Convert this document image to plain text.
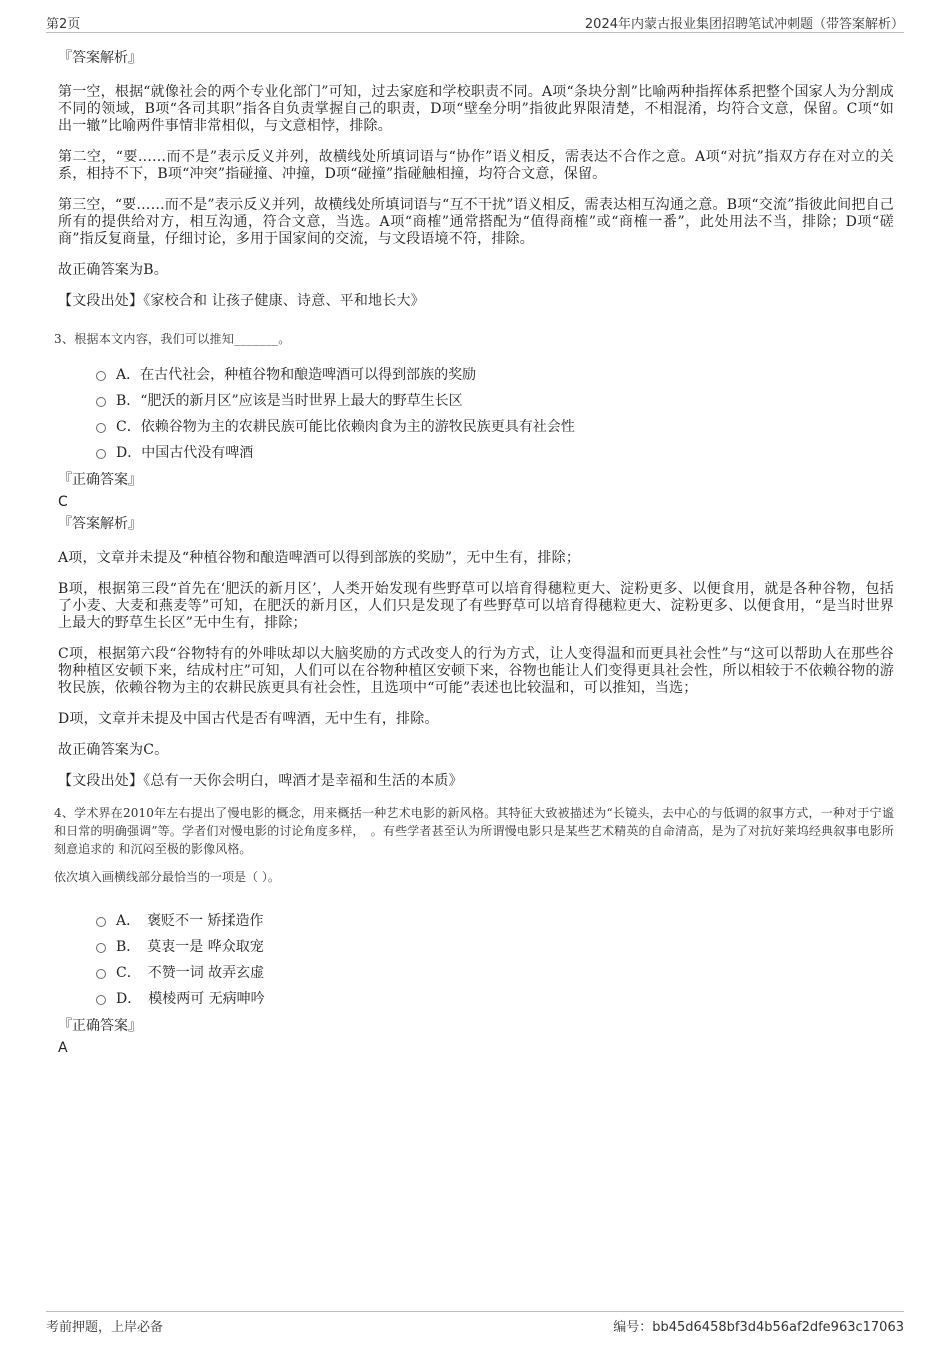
第2页	2024年内蒙古报业集团招聘笔试冲刺题（带答案解析）
『答案解析』

第一空，根据“就像社会的两个专业化部门”可知，过去家庭和学校职责不同。A项“条块分割”比喻两种指挥体系把整个国家人为分割成不同的领域，B项“各司其职”指各自负责掌握自己的职责，D项“壁垒分明”指彼此界限清楚，不相混淆，均符合文意，保留。C项“如出一辙”比喻两件事情非常相似，与文意相悖，排除。

第二空，“要……而不是”表示反义并列，故横线处所填词语与“协作”语义相反，需表达不合作之意。A项“对抗”指双方存在对立的关系，相持不下，B项“冲突”指碰撞、冲撞，D项“碰撞”指碰触相撞，均符合文意，保留。

第三空，“要……而不是”表示反义并列，故横线处所填词语与“互不干扰”语义相反，需表达相互沟通之意。B项“交流”指彼此间把自己所有的提供给对方，相互沟通，符合文意，当选。A项“商榷”通常搭配为“值得商榷”或“商榷一番”，此处用法不当，排除；D项“磋商”指反复商量，仔细讨论，多用于国家间的交流，与文段语境不符，排除。

故正确答案为B。

【文段出处】《家校合和 让孩子健康、诗意、平和地长大》

3、根据本文内容，我们可以推知_______。
A．在古代社会，种植谷物和酿造啤酒可以得到部族的奖励
B．“肥沃的新月区”应该是当时世界上最大的野草生长区
C．依赖谷物为主的农耕民族可能比依赖肉食为主的游牧民族更具有社会性
D．中国古代没有啤酒
『正确答案』
C
『答案解析』

A项，文章并未提及“种植谷物和酿造啤酒可以得到部族的奖励”，无中生有，排除；

B项，根据第三段“首先在‘肥沃的新月区’，人类开始发现有些野草可以培育得穗粒更大、淀粉更多、以便食用，就是各种谷物，包括了小麦、大麦和燕麦等”可知，在肥沃的新月区，人们只是发现了有些野草可以培育得穗粒更大、淀粉更多、以便食用，“是当时世界上最大的野草生长区”无中生有，排除；

C项，根据第六段“谷物特有的外啡呔却以大脑奖励的方式改变人的行为方式，让人变得温和而更具社会性”与“这可以帮助人在那些谷物种植区安顿下来，结成村庄”可知，人们可以在谷物种植区安顿下来，谷物也能让人们变得更具社会性，所以相较于不依赖谷物的游牧民族，依赖谷物为主的农耕民族更具有社会性，且选项中“可能”表述也比较温和，可以推知，当选；

D项，文章并未提及中国古代是否有啤酒，无中生有，排除。

故正确答案为C。

【文段出处】《总有一天你会明白，啤酒才是幸福和生活的本质》

4、学术界在2010年左右提出了慢电影的概念，用来概括一种艺术电影的新风格。其特征大致被描述为“长镜头，去中心的与低调的叙事方式，一种对于宁谧和日常的明确强调”等。学者们对慢电影的讨论角度多样，　。有些学者甚至认为所谓慢电影只是某些艺术精英的自命清高，是为了对抗好莱坞经典叙事电影所刻意追求的 和沉闷至极的影像风格。
依次填入画横线部分最恰当的一项是（ ）。
A．　褒贬不一 矫揉造作
B．　莫衷一是 哗众取宠
C．　不赞一词 故弄玄虚
D．　模棱两可 无病呻吟
『正确答案』
A
考前押题，上岸必备	编号：bb45d6458bf3d4b56af2dfe963c17063
